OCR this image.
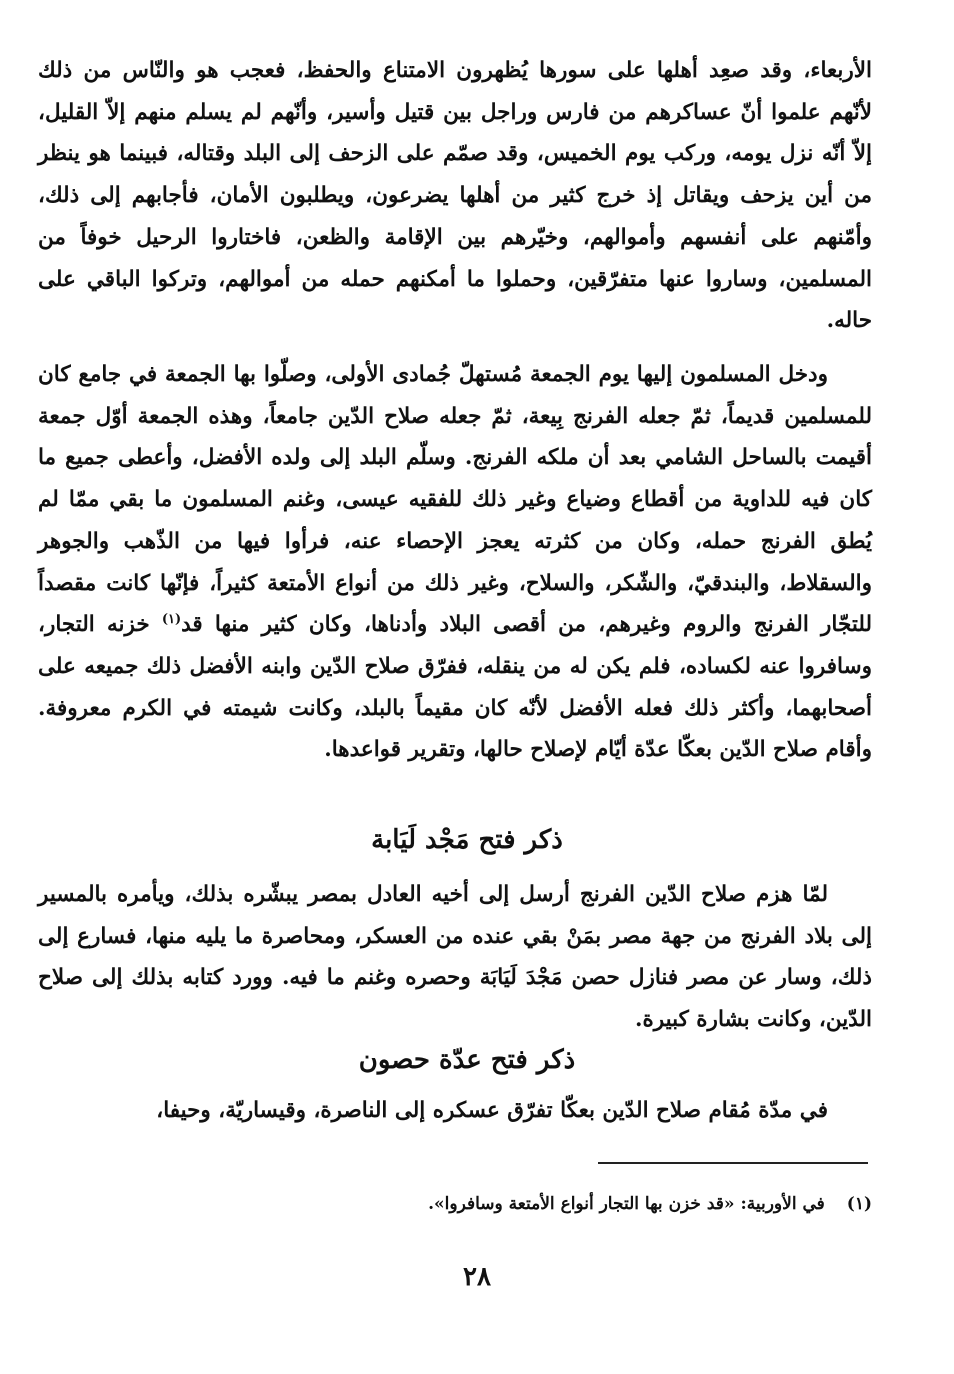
الأربعاء، وقد صعِد أهلها على سورها يُظهرون الامتناع والحفظ، فعجب هو والنّاس من ذلك لأنّهم علموا أنّ عساكرهم من فارس وراجل بين قتيل وأسير، وأنّهم لم يسلم منهم إلاّ القليل، إلاّ أنّه نزل يومه، وركب يوم الخميس، وقد صمّم على الزحف إلى البلد وقتاله، فبينما هو ينظر من أين يزحف ويقاتل إذ خرج كثير من أهلها يضرعون، ويطلبون الأمان، فأجابهم إلى ذلك، وأمّنهم على أنفسهم وأموالهم، وخيّرهم بين الإقامة والظعن، فاختاروا الرحيل خوفاً من المسلمين، وساروا عنها متفرّقين، وحملوا ما أمكنهم حمله من أموالهم، وتركوا الباقي على حاله.

ودخل المسلمون إليها يوم الجمعة مُستهلّ جُمادى الأولى، وصلّوا بها الجمعة في جامع كان للمسلمين قديماً، ثمّ جعله الفرنج بِيعة، ثمّ جعله صلاح الدّين جامعاً، وهذه الجمعة أوّل جمعة أقيمت بالساحل الشامي بعد أن ملكه الفرنج. وسلّم البلد إلى ولده الأفضل، وأعطى جميع ما كان فيه للداوية من أقطاع وضياع وغير ذلك للفقيه عيسى، وغنم المسلمون ما بقي ممّا لم يُطق الفرنج حمله، وكان من كثرته يعجز الإحصاء عنه، فرأوا فيها من الذّهب والجوهر والسقلاط، والبندقيّ، والشّكر، والسلاح، وغير ذلك من أنواع الأمتعة كثيراً، فإنّها كانت مقصداً للتجّار الفرنج والروم وغيرهم، من أقصى البلاد وأدناها، وكان كثير منها قد$^{(١)}$ خزنه التجار، وسافروا عنه لكساده، فلم يكن له من ينقله، ففرّق صلاح الدّين وابنه الأفضل ذلك جميعه على أصحابهما، وأكثر ذلك فعله الأفضل لأنّه كان مقيماً بالبلد، وكانت شيمته في الكرم معروفة. وأقام صلاح الدّين بعكّا عدّة أيّام لإصلاح حالها، وتقرير قواعدها.

ذكر فتح مَجْد لَيَابة

لمّا هزم صلاح الدّين الفرنج أرسل إلى أخيه العادل بمصر يبشّره بذلك، ويأمره بالمسير إلى بلاد الفرنج من جهة مصر بمَنْ بقي عنده من العسكر، ومحاصرة ما يليه منها، فسارع إلى ذلك، وسار عن مصر فنازل حصن مَجْدَ لَيَابَة وحصره وغنم ما فيه. وورد كتابه بذلك إلى صلاح الدّين، وكانت بشارة كبيرة.

ذكر فتح عدّة حصون

في مدّة مُقام صلاح الدّين بعكّا تفرّق عسكره إلى الناصرة، وقيساريّة، وحيفا،

(١)في الأوربية: «قد خزن بها التجار أنواع الأمتعة وسافروا».

٢٨
